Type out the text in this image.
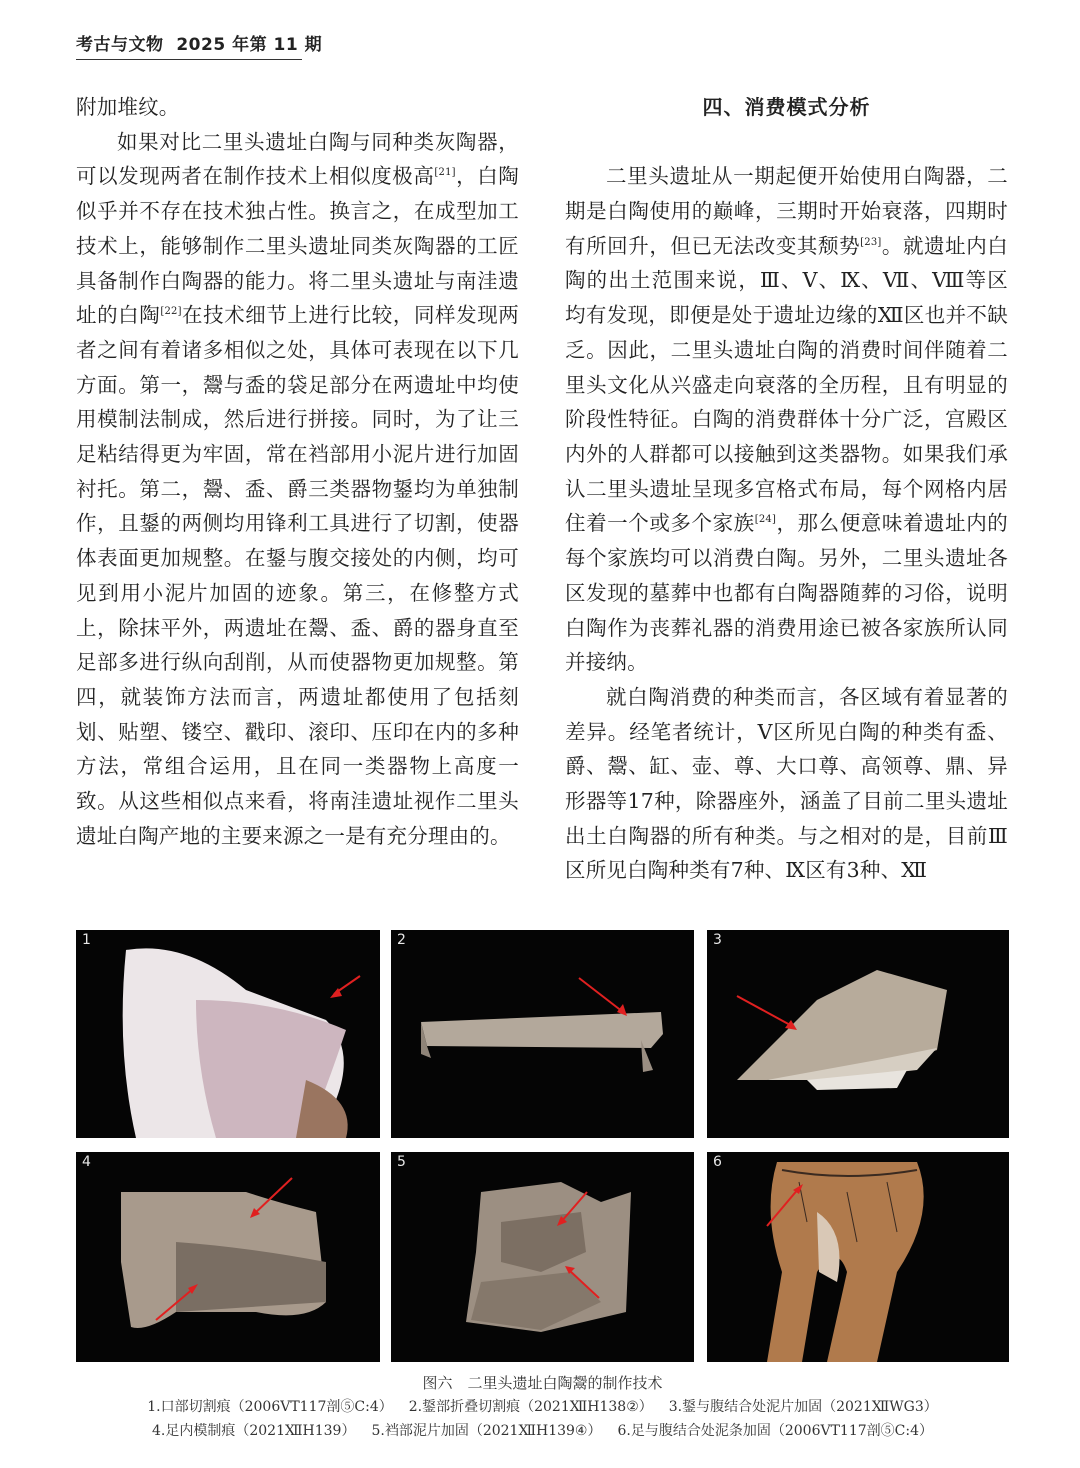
考古与文物 2025 年第 11 期

附加堆纹。

如果对比二里头遗址白陶与同种类灰陶器，可以发现两者在制作技术上相似度极高[21]，白陶似乎并不存在技术独占性。换言之，在成型加工技术上，能够制作二里头遗址同类灰陶器的工匠具备制作白陶器的能力。将二里头遗址与南洼遗址的白陶[22]在技术细节上进行比较，同样发现两者之间有着诸多相似之处，具体可表现在以下几方面。第一，鬶与盉的袋足部分在两遗址中均使用模制法制成，然后进行拼接。同时，为了让三足粘结得更为牢固，常在裆部用小泥片进行加固衬托。第二，鬶、盉、爵三类器物鋬均为单独制作，且鋬的两侧均用锋利工具进行了切割，使器体表面更加规整。在鋬与腹交接处的内侧，均可见到用小泥片加固的迹象。第三，在修整方式上，除抹平外，两遗址在鬶、盉、爵的器身直至足部多进行纵向刮削，从而使器物更加规整。第四，就装饰方法而言，两遗址都使用了包括刻划、贴塑、镂空、戳印、滚印、压印在内的多种方法，常组合运用，且在同一类器物上高度一致。从这些相似点来看，将南洼遗址视作二里头遗址白陶产地的主要来源之一是有充分理由的。

四、消费模式分析

二里头遗址从一期起便开始使用白陶器，二期是白陶使用的巅峰，三期时开始衰落，四期时有所回升，但已无法改变其颓势[23]。就遗址内白陶的出土范围来说，Ⅲ、Ⅴ、Ⅸ、Ⅶ、Ⅷ等区均有发现，即便是处于遗址边缘的Ⅻ区也并不缺乏。因此，二里头遗址白陶的消费时间伴随着二里头文化从兴盛走向衰落的全历程，且有明显的阶段性特征。白陶的消费群体十分广泛，宫殿区内外的人群都可以接触到这类器物。如果我们承认二里头遗址呈现多宫格式布局，每个网格内居住着一个或多个家族[24]，那么便意味着遗址内的每个家族均可以消费白陶。另外，二里头遗址各区发现的墓葬中也都有白陶器随葬的习俗，说明白陶作为丧葬礼器的消费用途已被各家族所认同并接纳。

就白陶消费的种类而言，各区域有着显著的差异。经笔者统计，Ⅴ区所见白陶的种类有盉、爵、鬶、缸、壶、尊、大口尊、高领尊、鼎、异形器等17种，除器座外，涵盖了目前二里头遗址出土白陶器的所有种类。与之相对的是，目前Ⅲ区所见白陶种类有7种、Ⅸ区有3种、Ⅻ

1	2	3
4	5	6
图六　二里头遗址白陶鬶的制作技术
1.口部切割痕（2006VT117剖⑤C:4） 2.鋬部折叠切割痕（2021ⅫH138②） 3.鋬与腹结合处泥片加固（2021ⅫWG3）
4.足内模制痕（2021ⅫH139） 5.裆部泥片加固（2021ⅫH139④） 6.足与腹结合处泥条加固（2006VT117剖⑤C:4）
